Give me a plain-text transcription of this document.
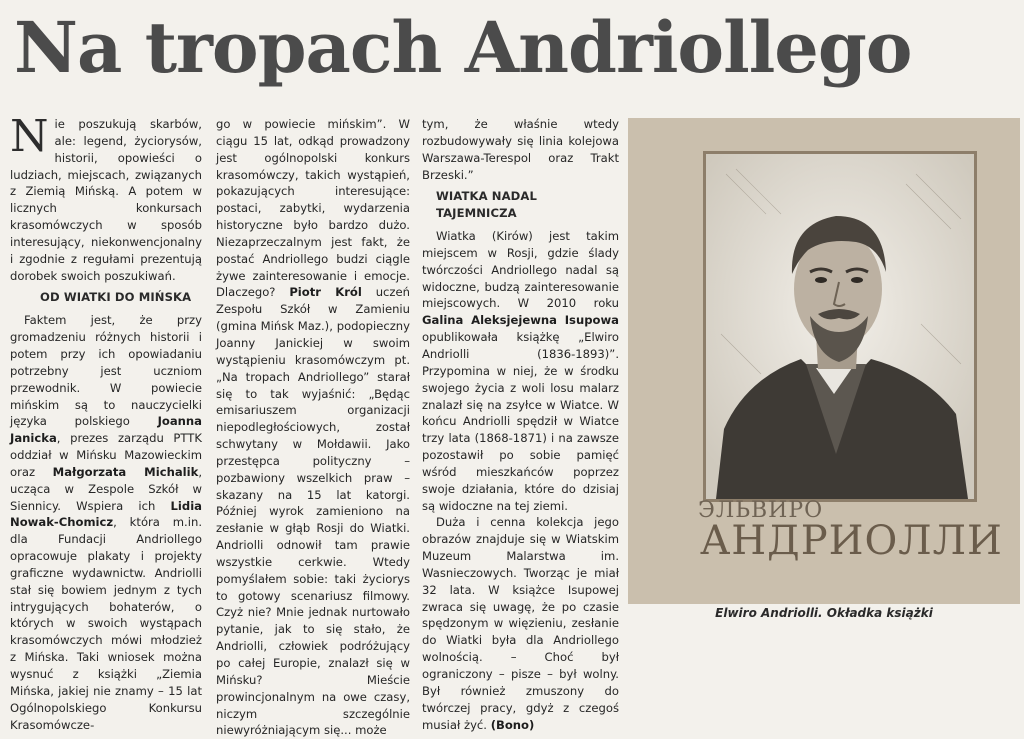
Na tropach Andriollego

Nie poszukują skarbów, ale: legend, życiorysów, historii, opowieści o ludziach, miejscach, związanych z Ziemią Mińską. A potem w licznych konkursach krasomówczych w sposób interesujący, niekonwencjonalny i zgodnie z regułami prezentują dorobek swoich poszukiwań.

OD WIATKI DO MIŃSKA

Faktem jest, że przy gromadzeniu różnych historii i potem przy ich opowiadaniu potrzebny jest uczniom przewodnik. W powiecie mińskim są to nauczycielki języka polskiego Joanna Janicka, prezes zarządu PTTK oddział w Mińsku Mazowieckim oraz Małgorzata Michalik, ucząca w Zespole Szkół w Siennicy. Wspiera ich Lidia Nowak-Chomicz, która m.in. dla Fundacji Andriollego opracowuje plakaty i projekty graficzne wydawnictw. Andriolli stał się bowiem jednym z tych intrygujących bohaterów, o których w swoich wystąpach krasomówczych mówi młodzież z Mińska. Taki wniosek można wysnuć z książki „Ziemia Mińska, jakiej nie znamy – 15 lat Ogólnopolskiego Konkursu Krasomówcze-

go w powiecie mińskim”. W ciągu 15 lat, odkąd prowadzony jest ogólnopolski konkurs krasomówczy, takich wystąpień, pokazujących interesujące: postaci, zabytki, wydarzenia historyczne było bardzo dużo. Niezaprzeczalnym jest fakt, że postać Andriollego budzi ciągle żywe zainteresowanie i emocje. Dlaczego? Piotr Król uczeń Zespołu Szkół w Zamieniu (gmina Mińsk Maz.), podopieczny Joanny Janickiej w swoim wystąpieniu krasomówczym pt. „Na tropach Andriollego” starał się to tak wyjaśnić: „Będąc emisariuszem organizacji niepodległościowych, został schwytany w Mołdawii. Jako przestępca polityczny – pozbawiony wszelkich praw – skazany na 15 lat katorgi. Później wyrok zamieniono na zesłanie w głąb Rosji do Wiatki. Andriolli odnowił tam prawie wszystkie cerkwie. Wtedy pomyślałem sobie: taki życiorys to gotowy scenariusz filmowy. Czyż nie? Mnie jednak nurtowało pytanie, jak to się stało, że Andriolli, człowiek podróżujący po całej Europie, znalazł się w Mińsku? Mieście prowincjonalnym na owe czasy, niczym szczególnie niewyróżniającym się... może

tym, że właśnie wtedy rozbudowywały się linia kolejowa Warszawa-Terespol oraz Trakt Brzeski.”

WIATKA NADAL TAJEMNICZA

Wiatka (Kirów) jest takim miejscem w Rosji, gdzie ślady twórczości Andriollego nadal są widoczne, budzą zainteresowanie miejscowych. W 2010 roku Galina Aleksjejewna Isupowa opublikowała książkę „Elwiro Andriolli (1836-1893)”. Przypomina w niej, że w środku swojego życia z woli losu malarz znalazł się na zsyłce w Wiatce. W końcu Andriolli spędził w Wiatce trzy lata (1868-1871) i na zawsze pozostawił po sobie pamięć wśród mieszkańców poprzez swoje działania, które do dzisiaj są widoczne na tej ziemi.

Duża i cenna kolekcja jego obrazów znajduje się w Wiatskim Muzeum Malarstwa im. Wasnieczowych. Tworząc je miał 32 lata. W książce Isupowej zwraca się uwagę, że po czasie spędzonym w więzieniu, zesłanie do Wiatki była dla Andriollego wolnością. – Choć był ograniczony – pisze – był wolny. Był również zmuszony do twórczej pracy, gdyż z czegoś musiał żyć. (Bono)

ЭЛЬВИРО
АНДРИОЛЛИ
Elwiro Andriolli. Okładka książki
